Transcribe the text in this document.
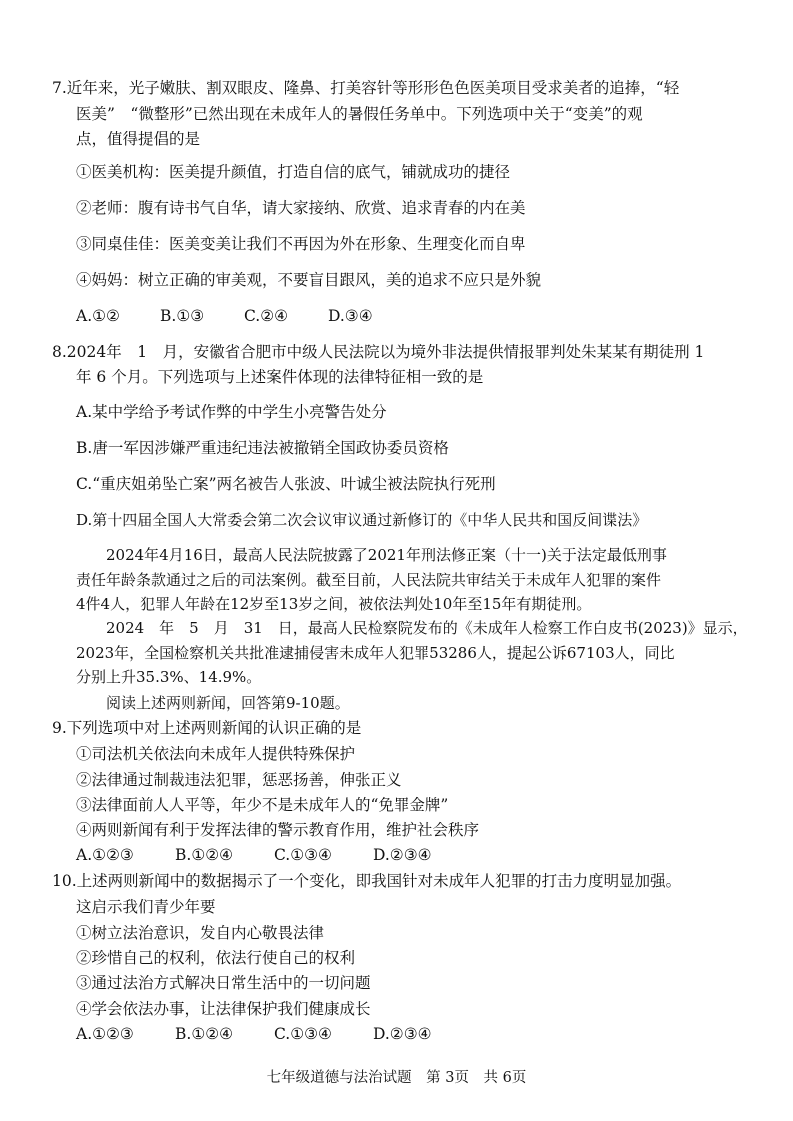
7.近年来，光子嫩肤、割双眼皮、隆鼻、打美容针等形形色色医美项目受求美者的追捧，“轻
医美”　“微整形”已然出现在未成年人的暑假任务单中。下列选项中关于“变美”的观
点，值得提倡的是
①医美机构：医美提升颜值，打造自信的底气，铺就成功的捷径
②老师：腹有诗书气自华，请大家接纳、欣赏、追求青春的内在美
③同桌佳佳：医美变美让我们不再因为外在形象、生理变化而自卑
④妈妈：树立正确的审美观，不要盲目跟风，美的追求不应只是外貌
A.①②	B.①③	C.②④	D.③④
8.2024年　1　月，安徽省合肥市中级人民法院以为境外非法提供情报罪判处朱某某有期徒刑 1
年 6 个月。下列选项与上述案件体现的法律特征相一致的是
A.某中学给予考试作弊的中学生小亮警告处分
B.唐一军因涉嫌严重违纪违法被撤销全国政协委员资格
C.“重庆姐弟坠亡案”两名被告人张波、叶诚尘被法院执行死刑
D.第十四届全国人大常委会第二次会议审议通过新修订的《中华人民共和国反间谍法》
　　2024年4月16日，最高人民法院披露了2021年刑法修正案（十一)关于法定最低刑事
责任年龄条款通过之后的司法案例。截至目前，人民法院共审结关于未成年人犯罪的案件
4件4人，犯罪人年龄在12岁至13岁之间，被依法判处10年至15年有期徒刑。
　　2024　年　5　月　31　日，最高人民检察院发布的《未成年人检察工作白皮书(2023)》显示，
2023年，全国检察机关共批准逮捕侵害未成年人犯罪53286人，提起公诉67103人，同比
分别上升35.3%、14.9%。
　　阅读上述两则新闻，回答第9-10题。
9.下列选项中对上述两则新闻的认识正确的是
①司法机关依法向未成年人提供特殊保护
②法律通过制裁违法犯罪，惩恶扬善，伸张正义
③法律面前人人平等，年少不是未成年人的“免罪金牌”
④两则新闻有利于发挥法律的警示教育作用，维护社会秩序
A.①②③	B.①②④	C.①③④	D.②③④
10.上述两则新闻中的数据揭示了一个变化，即我国针对未成年人犯罪的打击力度明显加强。
这启示我们青少年要
①树立法治意识，发自内心敬畏法律
②珍惜自己的权利，依法行使自己的权利
③通过法治方式解决日常生活中的一切问题
④学会依法办事，让法律保护我们健康成长
A.①②③	B.①②④	C.①③④	D.②③④
七年级道德与法治试题　第 3页　共 6页
